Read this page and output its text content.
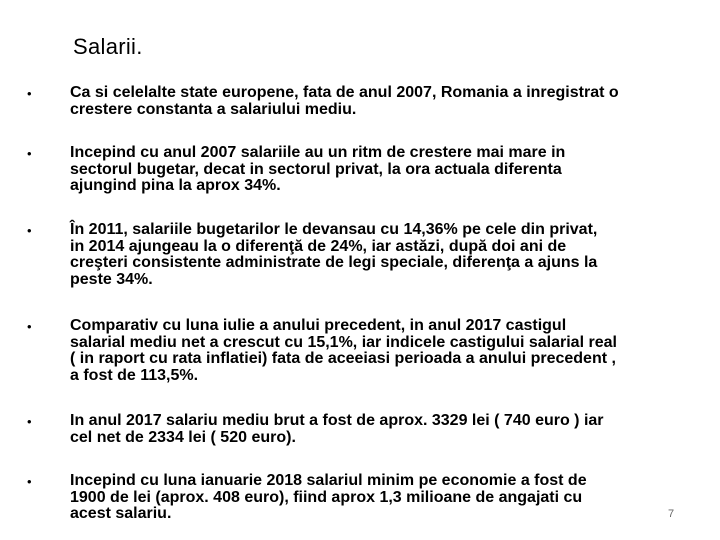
Salarii.
• Ca si celelalte state europene, fata de anul 2007, Romania a inregistrat o
crestere constanta a salariului mediu.
• Incepind cu anul 2007 salariile au un ritm de crestere mai mare in
sectorul bugetar, decat in sectorul privat, la ora actuala diferenta
ajungind pina la aprox 34%.
• În 2011, salariile bugetarilor le devansau cu 14,36% pe cele din privat,
in 2014 ajungeau la o diferenţă de 24%, iar astăzi, după doi ani de
creşteri consistente administrate de legi speciale, diferenţa a ajuns la
peste 34%.
• Comparativ cu luna iulie a anului precedent, in anul 2017 castigul
salarial mediu net a crescut cu 15,1%, iar indicele castigului salarial real
( in raport cu rata inflatiei) fata de aceeiasi perioada a anului precedent ,
a fost de 113,5%.
• In anul 2017 salariu mediu brut a fost de aprox. 3329 lei ( 740 euro ) iar
cel net de 2334 lei ( 520 euro).
• Incepind cu luna ianuarie 2018 salariul minim pe economie a fost de
1900 de lei (aprox. 408 euro), fiind aprox 1,3 milioane de angajati cu
acest salariu.	7
